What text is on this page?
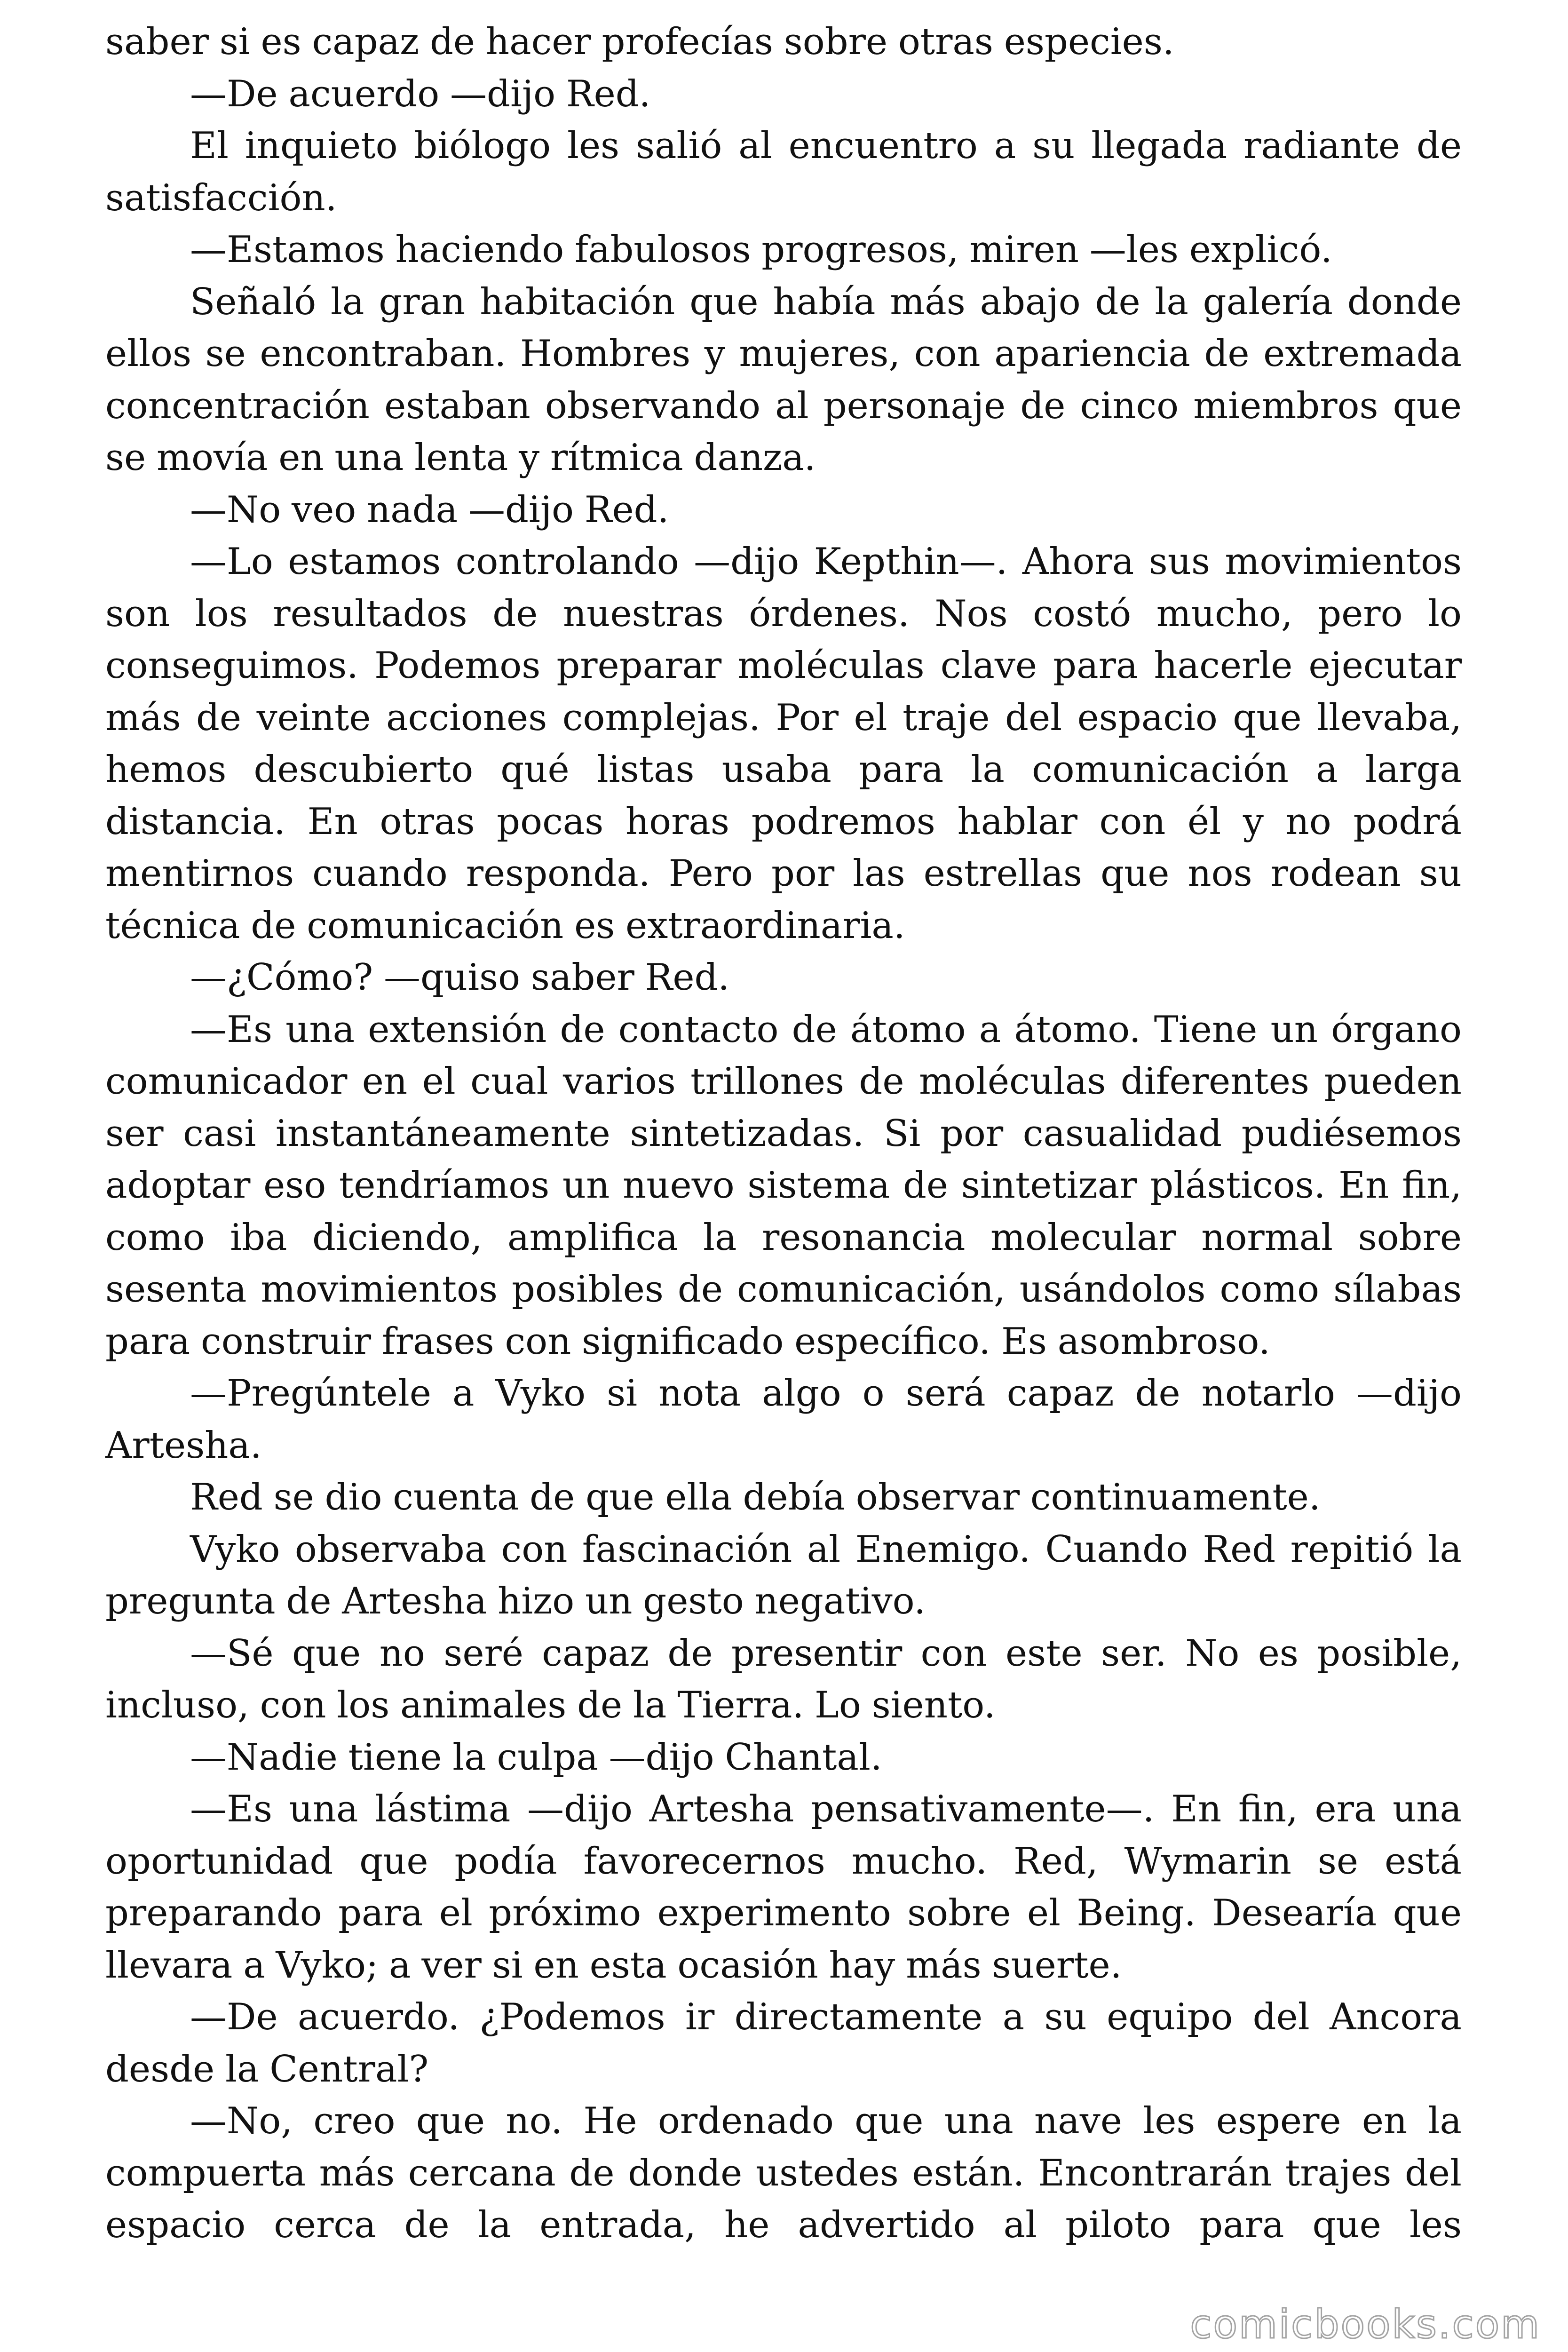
saber si es capaz de hacer profecías sobre otras especies.

—De acuerdo —dijo Red.

El inquieto biólogo les salió al encuentro a su llegada radiante de satisfacción.

—Estamos haciendo fabulosos progresos, miren —les explicó.

Señaló la gran habitación que había más abajo de la galería donde ellos se encontraban. Hombres y mujeres, con apariencia de extremada concentración estaban observando al personaje de cinco miembros que se movía en una lenta y rítmica danza.

—No veo nada —dijo Red.

—Lo estamos controlando —dijo Kepthin—. Ahora sus movimientos son los resultados de nuestras órdenes. Nos costó mucho, pero lo conseguimos. Podemos preparar moléculas clave para hacerle ejecutar más de veinte acciones complejas. Por el traje del espacio que llevaba, hemos descubierto qué listas usaba para la comunicación a larga distancia. En otras pocas horas podremos hablar con él y no podrá mentirnos cuando responda. Pero por las estrellas que nos rodean su técnica de comunicación es extraordinaria.

—¿Cómo? —quiso saber Red.

—Es una extensión de contacto de átomo a átomo. Tiene un órgano comunicador en el cual varios trillones de moléculas diferentes pueden ser casi instantáneamente sintetizadas. Si por casualidad pudiésemos adoptar eso tendríamos un nuevo sistema de sintetizar plásticos. En fin, como iba diciendo, amplifica la resonancia molecular normal sobre sesenta movimientos posibles de comunicación, usándolos como sílabas para construir frases con significado específico. Es asombroso.

—Pregúntele a Vyko si nota algo o será capaz de notarlo —dijo Artesha.

Red se dio cuenta de que ella debía observar continuamente.

Vyko observaba con fascinación al Enemigo. Cuando Red repitió la pregunta de Artesha hizo un gesto negativo.

—Sé que no seré capaz de presentir con este ser. No es posible, incluso, con los animales de la Tierra. Lo siento.

—Nadie tiene la culpa —dijo Chantal.

—Es una lástima —dijo Artesha pensativamente—. En fin, era una oportunidad que podía favorecernos mucho. Red, Wymarin se está preparando para el próximo experimento sobre el Being. Desearía que llevara a Vyko; a ver si en esta ocasión hay más suerte.

—De acuerdo. ¿Podemos ir directamente a su equipo del Ancora desde la Central?

—No, creo que no. He ordenado que una nave les espere en la compuerta más cercana de donde ustedes están. Encontrarán trajes del espacio cerca de la entrada, he advertido al piloto para que les

comicbooks.com
